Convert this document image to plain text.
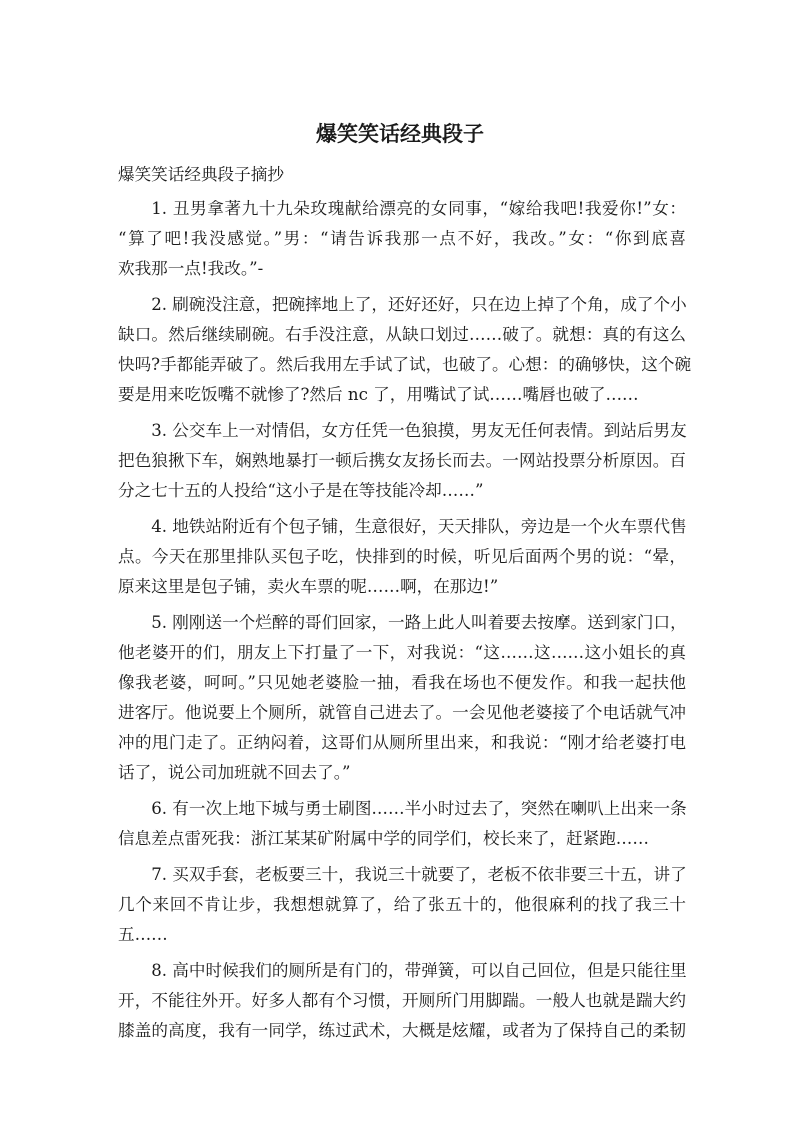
爆笑笑话经典段子

爆笑笑话经典段子摘抄

1. 丑男拿著九十九朵玫瑰献给漂亮的女同事，“嫁给我吧!我爱你!”女：
“算了吧!我没感觉。”男：“请告诉我那一点不好，我改。”女：“你到底喜
欢我那一点!我改。”-
2. 刷碗没注意，把碗摔地上了，还好还好，只在边上掉了个角，成了个小
缺口。然后继续刷碗。右手没注意，从缺口划过……破了。就想：真的有这么
快吗?手都能弄破了。然后我用左手试了试，也破了。心想：的确够快，这个碗
要是用来吃饭嘴不就惨了?然后 nc 了，用嘴试了试……嘴唇也破了……
3. 公交车上一对情侣，女方任凭一色狼摸，男友无任何表情。到站后男友
把色狼揪下车，娴熟地暴打一顿后携女友扬长而去。一网站投票分析原因。百
分之七十五的人投给“这小子是在等技能冷却……”
4. 地铁站附近有个包子铺，生意很好，天天排队，旁边是一个火车票代售
点。今天在那里排队买包子吃，快排到的时候，听见后面两个男的说：“晕，
原来这里是包子铺，卖火车票的呢……啊，在那边!”
5. 刚刚送一个烂醉的哥们回家，一路上此人叫着要去按摩。送到家门口，
他老婆开的们，朋友上下打量了一下，对我说：“这……这……这小姐长的真
像我老婆，呵呵。”只见她老婆脸一抽，看我在场也不便发作。和我一起扶他
进客厅。他说要上个厕所，就管自己进去了。一会见他老婆接了个电话就气冲
冲的甩门走了。正纳闷着，这哥们从厕所里出来，和我说：“刚才给老婆打电
话了，说公司加班就不回去了。”
6. 有一次上地下城与勇士刷图……半小时过去了，突然在喇叭上出来一条
信息差点雷死我：浙江某某矿附属中学的同学们，校长来了，赶紧跑……
7. 买双手套，老板要三十，我说三十就要了，老板不依非要三十五，讲了
几个来回不肯让步，我想想就算了，给了张五十的，他很麻利的找了我三十
五……
8. 高中时候我们的厕所是有门的，带弹簧，可以自己回位，但是只能往里
开，不能往外开。好多人都有个习惯，开厕所门用脚踹。一般人也就是踹大约
膝盖的高度，我有一同学，练过武术，大概是炫耀，或者为了保持自己的柔韧
